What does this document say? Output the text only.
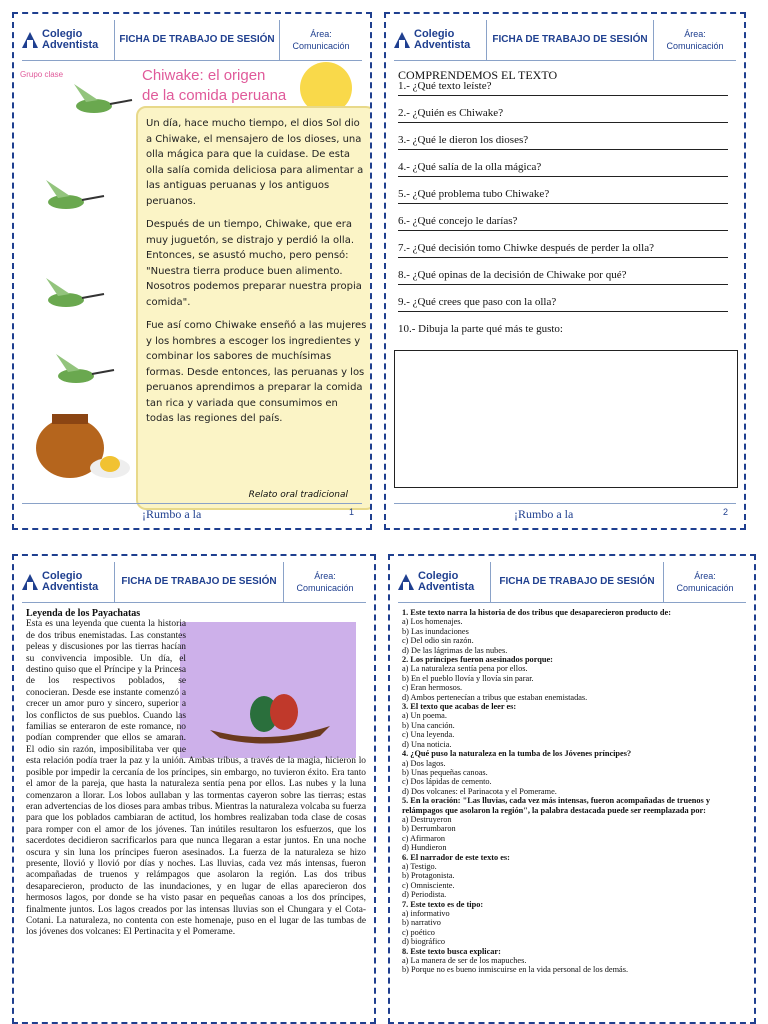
Colegio
Adventista	FICHA DE TRABAJO DE SESIÓN	Área:
Comunicación
Grupo clase	Chiwake: el origen
de la comida peruana

Un día, hace mucho tiempo, el dios Sol dio a Chiwake, el mensajero de los dioses, una olla mágica para que la cuidase. De esta olla salía comida deliciosa para alimentar a las antiguas peruanas y los antiguos peruanos.

Después de un tiempo, Chiwake, que era muy juguetón, se distrajo y perdió la olla. Entonces, se asustó mucho, pero pensó: "Nuestra tierra produce buen alimento. Nosotros podemos preparar nuestra propia comida".

Fue así como Chiwake enseñó a las mujeres y los hombres a escoger los ingredientes y combinar los sabores de muchísimas formas. Desde entonces, las peruanas y los peruanos aprendimos a preparar la comida tan rica y variada que consumimos en todas las regiones del país.

Relato oral tradicional
¡Rumbo a la	1
Colegio
Adventista	FICHA DE TRABAJO DE SESIÓN	Área:
Comunicación
COMPRENDEMOS EL TEXTO
1.- ¿Qué texto leíste?
2.- ¿Quién es Chiwake?
3.- ¿Qué le dieron los dioses?
4.- ¿Qué salía de la olla mágica?
5.- ¿Qué problema tubo Chiwake?
6.- ¿Qué concejo le darías?
7.- ¿Qué decisión tomo Chiwke después de perder la olla?
8.- ¿Qué opinas de la decisión de Chiwake por qué?
9.- ¿Qué crees que paso con la olla?
10.- Dibuja la parte qué más te gusto:
¡Rumbo a la	2
Colegio
Adventista	FICHA DE TRABAJO DE SESIÓN	Área:
Comunicación
Leyenda de los Payachatas
Esta es una leyenda que cuenta la historia de dos tribus enemistadas. Las constantes peleas y discusiones por las tierras hacían su convivencia imposible. Un día, el destino quiso que el Príncipe y la Princesa de los respectivos poblados, se conocieran. Desde ese instante comenzó a crecer un amor puro y sincero, superior a los conflictos de sus pueblos. Cuando las familias se enteraron de este romance, no podían comprender que ellos se amaran. El odio sin razón, imposibilitaba ver que esta relación podía traer la paz y la unión. Ambas tribus, a través de la magia, hicieron lo posible por impedir la cercanía de los príncipes, sin embargo, no tuvieron éxito. Era tanto el amor de la pareja, que hasta la naturaleza sentía pena por ellos. Las nubes y la luna comenzaron a llorar. Los lobos aullaban y las tormentas cayeron sobre las tierras; estas eran advertencias de los dioses para ambas tribus. Mientras la naturaleza volcaba su fuerza para que los poblados cambiaran de actitud, los hombres realizaban toda clase de cosas para romper con el amor de los jóvenes. Tan inútiles resultaron los esfuerzos, que los sacerdotes decidieron sacrificarlos para que nunca llegaran a estar juntos. En una noche oscura y sin luna los príncipes fueron asesinados. La fuerza de la naturaleza se hizo presente, llovió y llovió por días y noches. Las lluvias, cada vez más intensas, fueron acompañadas de truenos y relámpagos que asolaron la región. Las dos tribus desaparecieron, producto de las inundaciones, y en lugar de ellas aparecieron dos hermosos lagos, por donde se ha visto pasar en pequeñas canoas a los dos príncipes, finalmente juntos. Los lagos creados por las intensas lluvias son el Chungara y el Cota-Cotani. La naturaleza, no contenta con este homenaje, puso en el lugar de las tumbas de los jóvenes dos volcanes: El Pertinacita y el Pomerame.
Colegio
Adventista	FICHA DE TRABAJO DE SESIÓN	Área:
Comunicación
1. Este texto narra la historia de dos tribus que desaparecieron producto de:
a) Los homenajes.
b) Las inundaciones
c) Del odio sin razón.
d) De las lágrimas de las nubes.
2. Los príncipes fueron asesinados porque:
a) La naturaleza sentía pena por ellos.
b) En el pueblo llovía y llovía sin parar.
c) Eran hermosos.
d) Ambos pertenecían a tribus que estaban enemistadas.
3. El texto que acabas de leer es:
a) Un poema.
b) Una canción.
c) Una leyenda.
d) Una noticia.
4. ¿Qué puso la naturaleza en la tumba de los Jóvenes príncipes?
a) Dos lagos.
b) Unas pequeñas canoas.
c) Dos lápidas de cemento.
d) Dos volcanes: el Parinacota y el Pomerame.
5. En la oración: "Las lluvias, cada vez más intensas, fueron acompañadas de truenos y relámpagos que asolaron la región", la palabra destacada puede ser reemplazada por:
a) Destruyeron
b) Derrumbaron
c) Afirmaron
d) Hundieron
6. El narrador de este texto es:
a) Testigo.
b) Protagonista.
c) Omnisciente.
d) Periodista.
7. Este texto es de tipo:
a) informativo
b) narrativo
c) poético
d) biográfico
8. Este texto busca explicar:
a) La manera de ser de los mapuches.
b) Porque no es bueno inmiscuirse en la vida personal de los demás.
